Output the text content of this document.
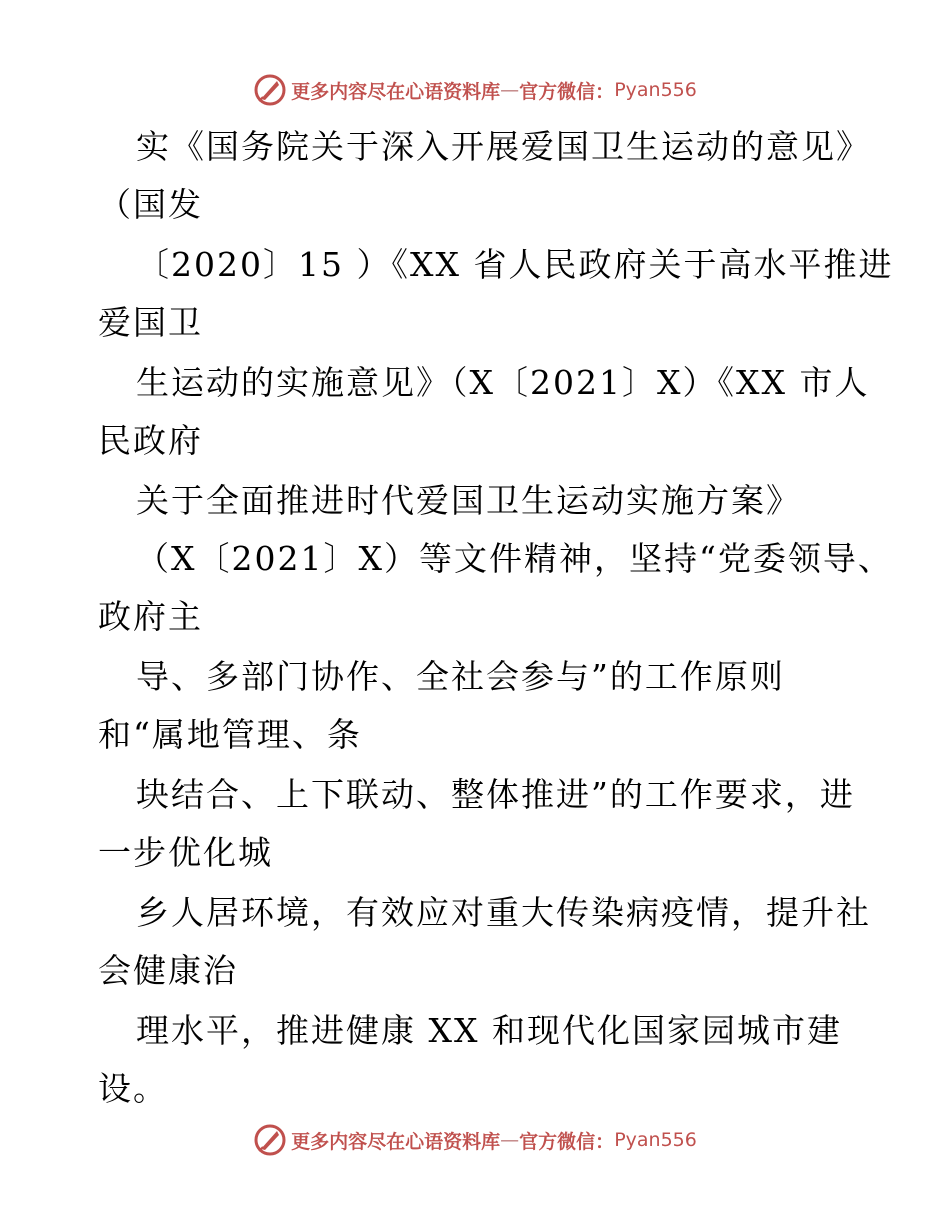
更多内容尽在心语资料库 — 官方微信： Pyan556
实《国务院关于深入开展爱国卫生运动的意见》
（国发
〔2020〕15 ）《XX 省人民政府关于高水平推进
爱国卫
生运动的实施意见》（X〔2021〕X）《XX 市人
民政府
关于全面推进时代爱国卫生运动实施方案》
（X〔2021〕X）等文件精神，坚持“党委领导、
政府主
导、多部门协作、全社会参与”的工作原则
和“属地管理、条
块结合、上下联动、整体推进”的工作要求，进
一步优化城
乡人居环境，有效应对重大传染病疫情，提升社
会健康治
理水平，推进健康 XX 和现代化国家园城市建
设。
更多内容尽在心语资料库 — 官方微信： Pyan556
